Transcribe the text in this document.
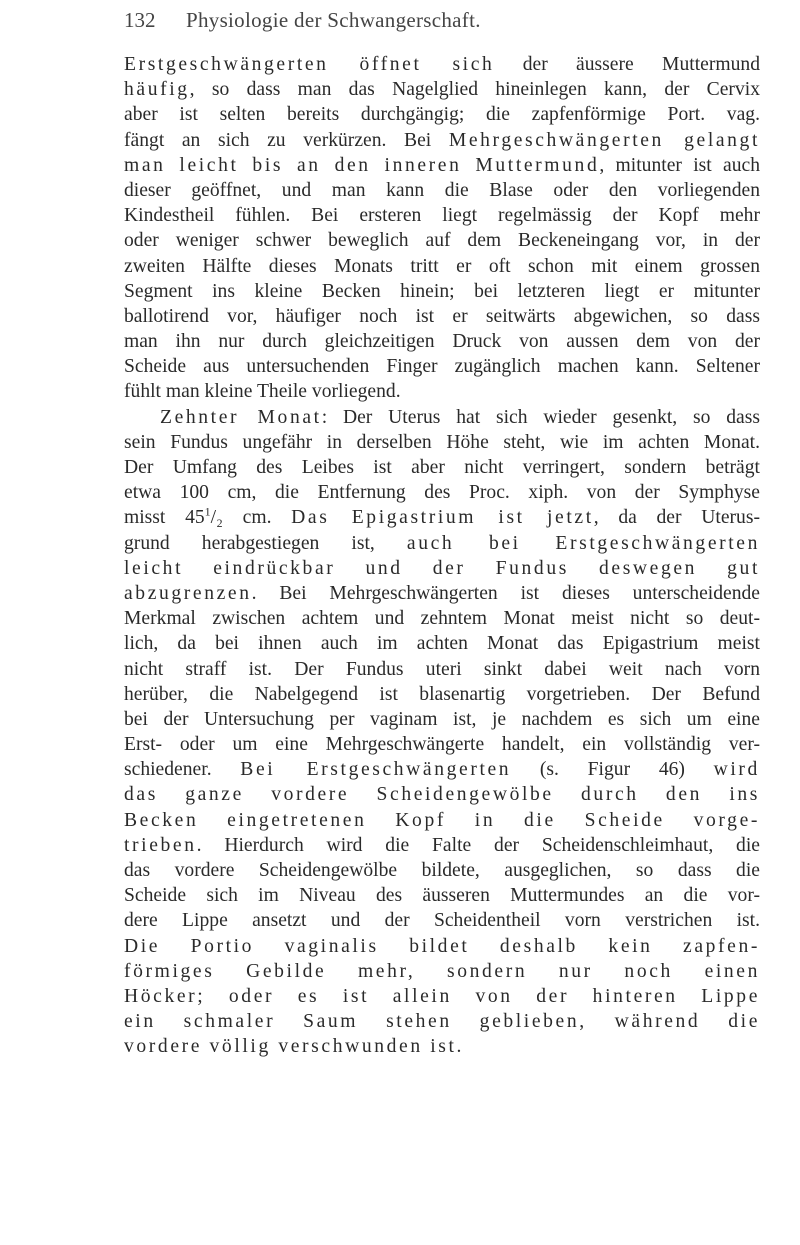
132 Physiologie der Schwangerschaft.
Erstgeschwängerten öffnet sich der äussere Muttermund
häufig, so dass man das Nagelglied hineinlegen kann, der Cervix
aber ist selten bereits durchgängig; die zapfenförmige Port. vag.
fängt an sich zu verkürzen. Bei Mehrgeschwängerten gelangt
man leicht bis an den inneren Muttermund, mitunter ist auch
dieser geöffnet, und man kann die Blase oder den vorliegenden
Kindestheil fühlen. Bei ersteren liegt regelmässig der Kopf mehr
oder weniger schwer beweglich auf dem Beckeneingang vor, in der
zweiten Hälfte dieses Monats tritt er oft schon mit einem grossen
Segment ins kleine Becken hinein; bei letzteren liegt er mitunter
ballotirend vor, häufiger noch ist er seitwärts abgewichen, so dass
man ihn nur durch gleichzeitigen Druck von aussen dem von der
Scheide aus untersuchenden Finger zugänglich machen kann. Seltener
fühlt man kleine Theile vorliegend.
Zehnter Monat: Der Uterus hat sich wieder gesenkt, so dass
sein Fundus ungefähr in derselben Höhe steht, wie im achten Monat.
Der Umfang des Leibes ist aber nicht verringert, sondern beträgt
etwa 100 cm, die Entfernung des Proc. xiph. von der Symphyse
misst $45^1/_2$ cm. Das Epigastrium ist jetzt, da der Uterus-
grund herabgestiegen ist, auch bei Erstgeschwängerten
leicht eindrückbar und der Fundus deswegen gut
abzugrenzen. Bei Mehrgeschwängerten ist dieses unterscheidende
Merkmal zwischen achtem und zehntem Monat meist nicht so deut-
lich, da bei ihnen auch im achten Monat das Epigastrium meist
nicht straff ist. Der Fundus uteri sinkt dabei weit nach vorn
herüber, die Nabelgegend ist blasenartig vorgetrieben. Der Befund
bei der Untersuchung per vaginam ist, je nachdem es sich um eine
Erst- oder um eine Mehrgeschwängerte handelt, ein vollständig ver-
schiedener. Bei Erstgeschwängerten (s. Figur 46) wird
das ganze vordere Scheidengewölbe durch den ins
Becken eingetretenen Kopf in die Scheide vorge-
trieben. Hierdurch wird die Falte der Scheidenschleimhaut, die
das vordere Scheidengewölbe bildete, ausgeglichen, so dass die
Scheide sich im Niveau des äusseren Muttermundes an die vor-
dere Lippe ansetzt und der Scheidentheil vorn verstrichen ist.
Die Portio vaginalis bildet deshalb kein zapfen-
förmiges Gebilde mehr, sondern nur noch einen
Höcker; oder es ist allein von der hinteren Lippe
ein schmaler Saum stehen geblieben, während die
vordere völlig verschwunden ist.
